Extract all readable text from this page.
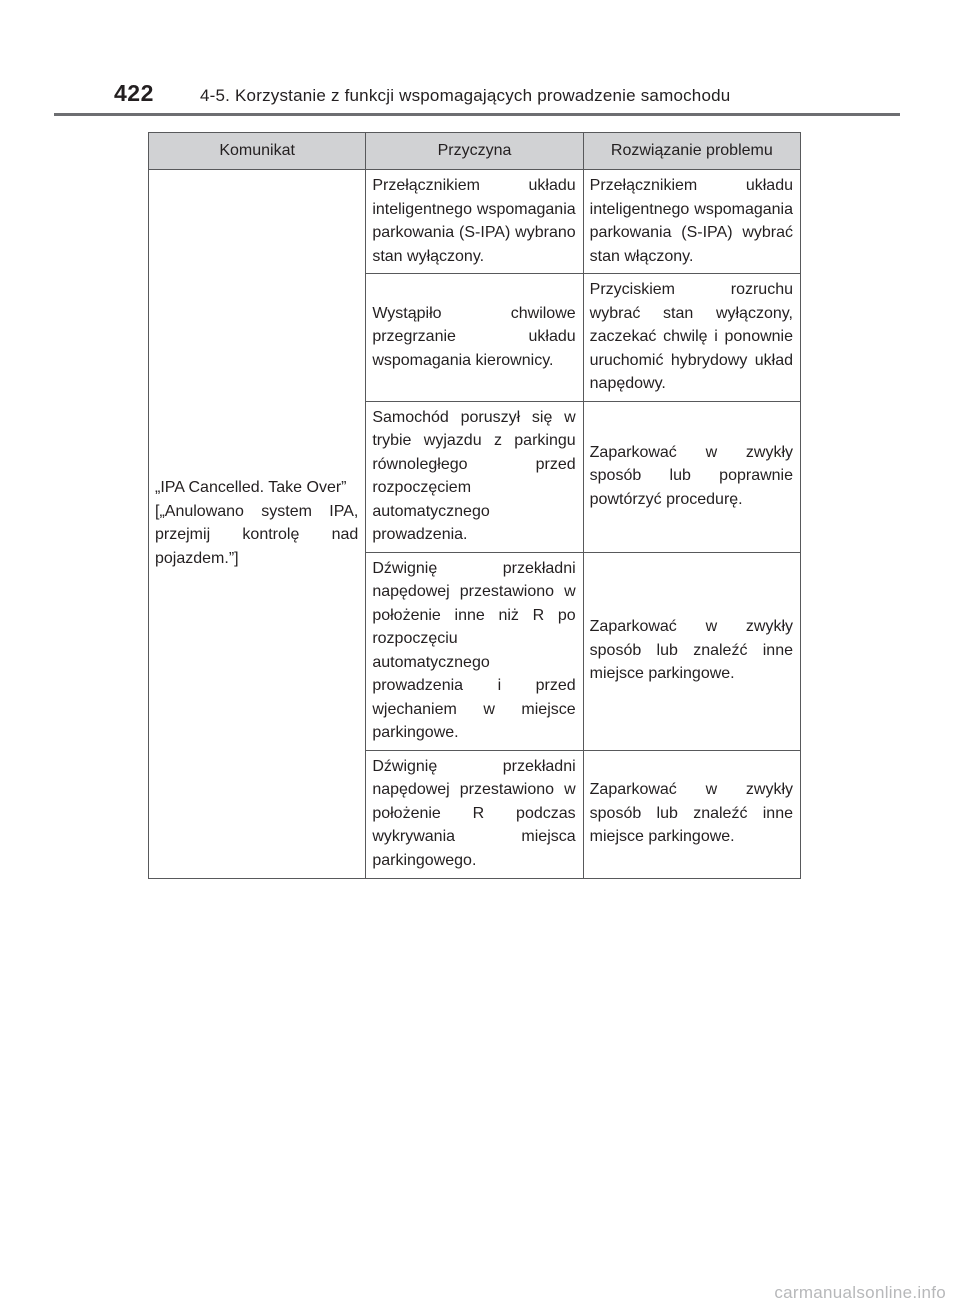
422	4-5. Korzystanie z funkcji wspomagających prowadzenie samochodu
Komunikat	Przyczyna	Rozwiązanie problemu

„IPA Cancelled. Take Over”
[„Anulowano system IPA, przejmij kontrolę nad pojazdem.”]	Przełącznikiem układu inteligentnego wspomagania parkowania (S-IPA) wybrano stan wyłączony.	Przełącznikiem układu inteligentnego wspomagania parkowania (S-IPA) wybrać stan włączony.
	Wystąpiło chwilowe przegrzanie układu wspomagania kierownicy.	Przyciskiem rozruchu wybrać stan wyłączony, zaczekać chwilę i ponownie uruchomić hybrydowy układ napędowy.
	Samochód poruszył się w trybie wyjazdu z parkingu równoległego przed rozpoczęciem automatycznego prowadzenia.	Zaparkować w zwykły sposób lub poprawnie powtórzyć procedurę.
	Dźwignię przekładni napędowej przestawiono w położenie inne niż R po rozpoczęciu automatycznego prowadzenia i przed wjechaniem w miejsce parkingowe.	Zaparkować w zwykły sposób lub znaleźć inne miejsce parkingowe.
	Dźwignię przekładni napędowej przestawiono w położenie R podczas wykrywania miejsca parkingowego.	Zaparkować w zwykły sposób lub znaleźć inne miejsce parkingowe.
carmanualsonline.info
